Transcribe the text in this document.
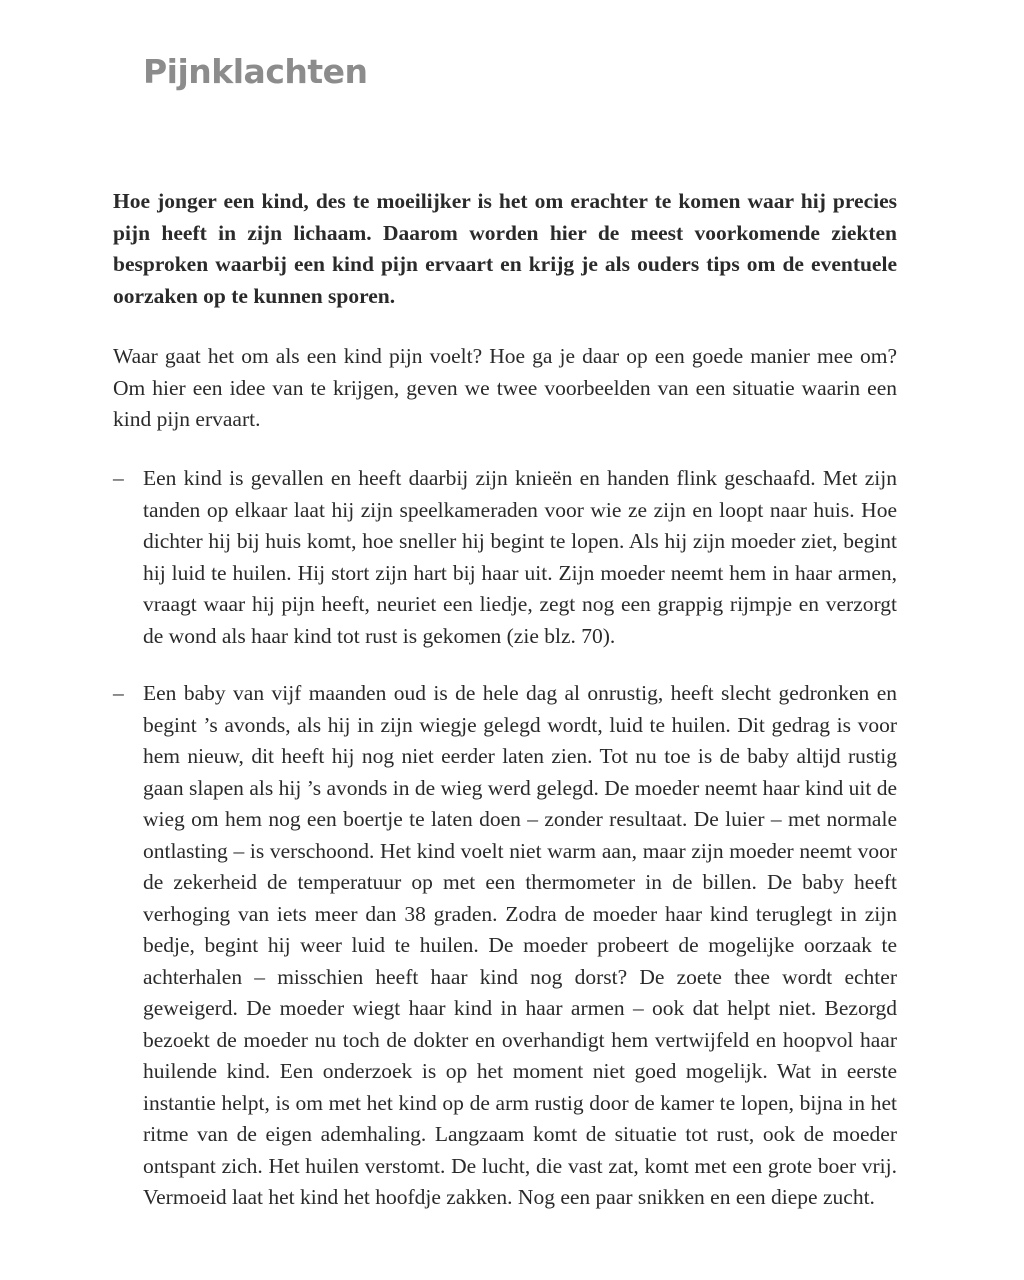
Pijnklachten

Hoe jonger een kind, des te moeilijker is het om erachter te komen waar hij precies pijn heeft in zijn lichaam. Daarom worden hier de meest voorkomende ziekten besproken waarbij een kind pijn ervaart en krijg je als ouders tips om de eventuele oorzaken op te kunnen sporen.

Waar gaat het om als een kind pijn voelt? Hoe ga je daar op een goede manier mee om? Om hier een idee van te krijgen, geven we twee voorbeelden van een situatie waarin een kind pijn ervaart.

– Een kind is gevallen en heeft daarbij zijn knieën en handen flink geschaafd. Met zijn tanden op elkaar laat hij zijn speelkameraden voor wie ze zijn en loopt naar huis. Hoe dichter hij bij huis komt, hoe sneller hij begint te lopen. Als hij zijn moeder ziet, begint hij luid te huilen. Hij stort zijn hart bij haar uit. Zijn moeder neemt hem in haar armen, vraagt waar hij pijn heeft, neuriet een liedje, zegt nog een grappig rijmpje en verzorgt de wond als haar kind tot rust is gekomen (zie blz. 70).
– Een baby van vijf maanden oud is de hele dag al onrustig, heeft slecht gedronken en begint ’s avonds, als hij in zijn wiegje gelegd wordt, luid te huilen. Dit gedrag is voor hem nieuw, dit heeft hij nog niet eerder laten zien. Tot nu toe is de baby altijd rustig gaan slapen als hij ’s avonds in de wieg werd gelegd. De moeder neemt haar kind uit de wieg om hem nog een boertje te laten doen – zonder resultaat. De luier – met normale ontlasting – is verschoond. Het kind voelt niet warm aan, maar zijn moeder neemt voor de zekerheid de temperatuur op met een thermometer in de billen. De baby heeft verhoging van iets meer dan 38 graden. Zodra de moeder haar kind teruglegt in zijn bedje, begint hij weer luid te huilen. De moeder probeert de mogelijke oorzaak te achterhalen – misschien heeft haar kind nog dorst? De zoete thee wordt echter geweigerd. De moeder wiegt haar kind in haar armen – ook dat helpt niet. Bezorgd bezoekt de moeder nu toch de dokter en overhandigt hem vertwijfeld en hoopvol haar huilende kind. Een onderzoek is op het moment niet goed mogelijk. Wat in eerste instantie helpt, is om met het kind op de arm rustig door de kamer te lopen, bijna in het ritme van de eigen ademhaling. Langzaam komt de situatie tot rust, ook de moeder ontspant zich. Het huilen verstomt. De lucht, die vast zat, komt met een grote boer vrij. Vermoeid laat het kind het hoofdje zakken. Nog een paar snikken en een diepe zucht.
